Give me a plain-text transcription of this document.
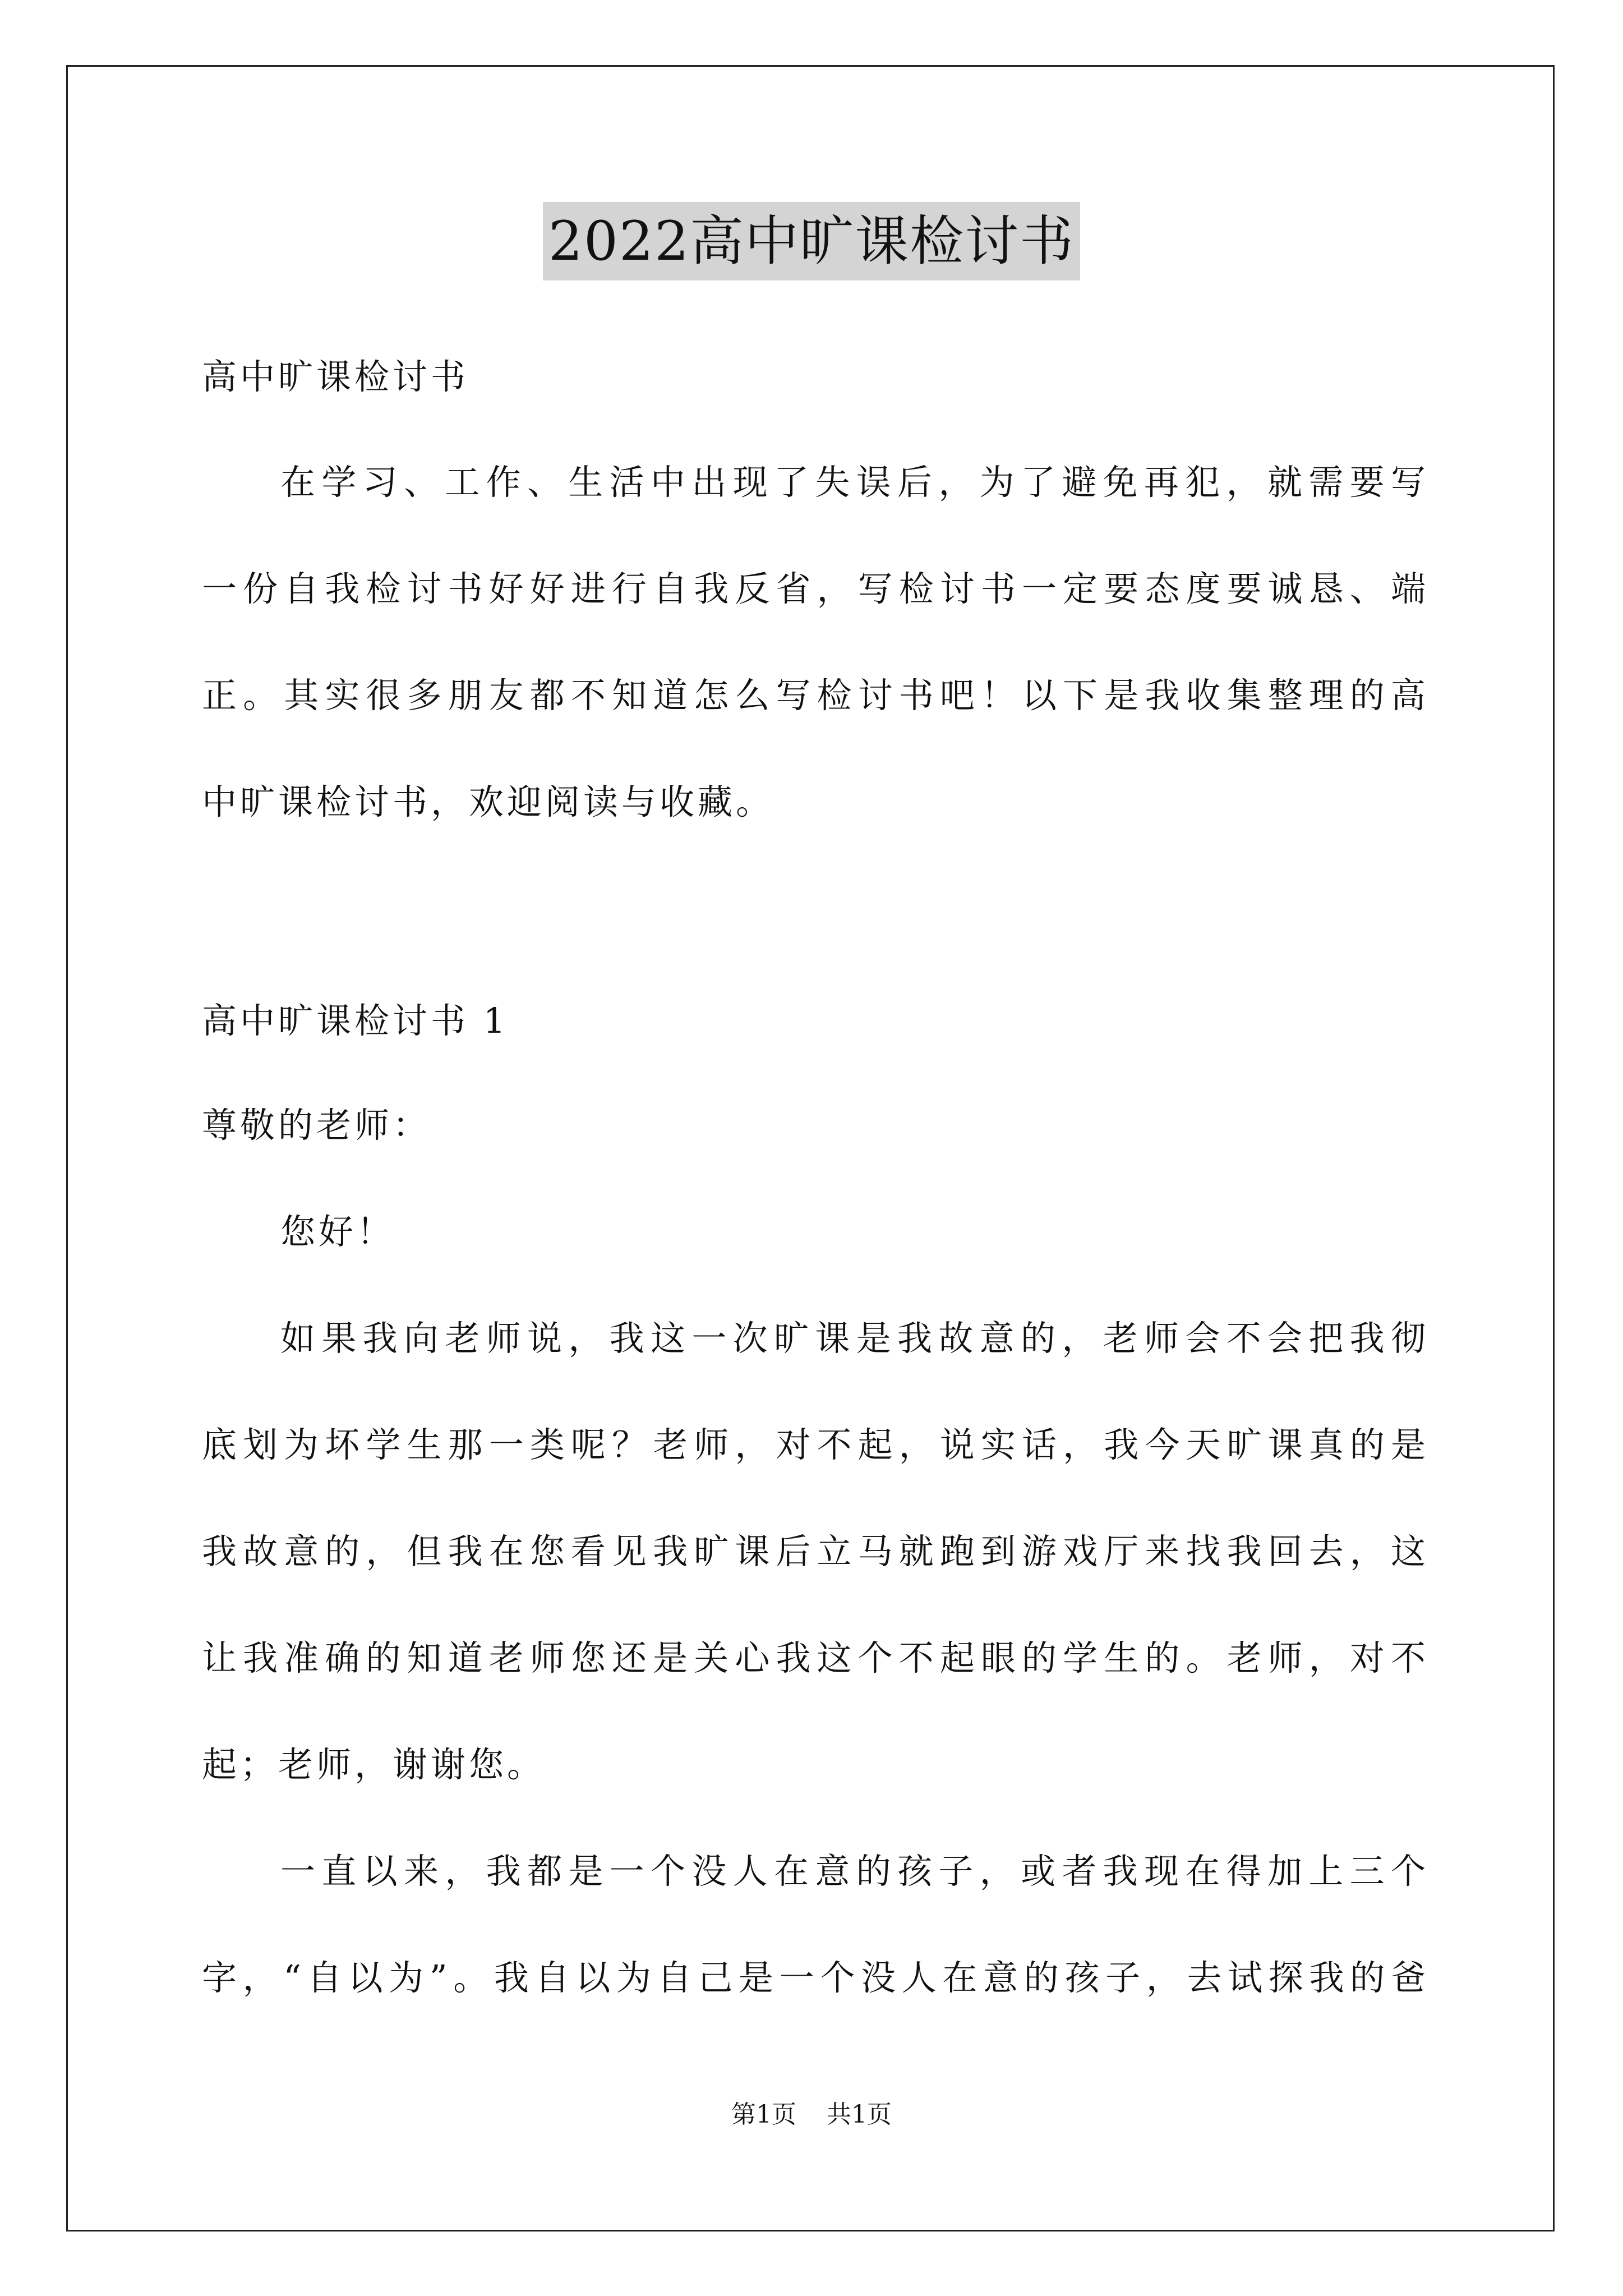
2022高中旷课检讨书
高中旷课检讨书
在学习、工作、生活中出现了失误后，为了避免再犯，就需要写
一份自我检讨书好好进行自我反省，写检讨书一定要态度要诚恳、端
正。其实很多朋友都不知道怎么写检讨书吧！以下是我收集整理的高
中旷课检讨书，欢迎阅读与收藏。
高中旷课检讨书 1
尊敬的老师：
您好！
如果我向老师说，我这一次旷课是我故意的，老师会不会把我彻
底划为坏学生那一类呢？老师，对不起，说实话，我今天旷课真的是
我故意的，但我在您看见我旷课后立马就跑到游戏厅来找我回去，这
让我准确的知道老师您还是关心我这个不起眼的学生的。老师，对不
起；老师，谢谢您。
一直以来，我都是一个没人在意的孩子，或者我现在得加上三个
字，“自以为”。我自以为自己是一个没人在意的孩子，去试探我的爸
第1页 共1页
